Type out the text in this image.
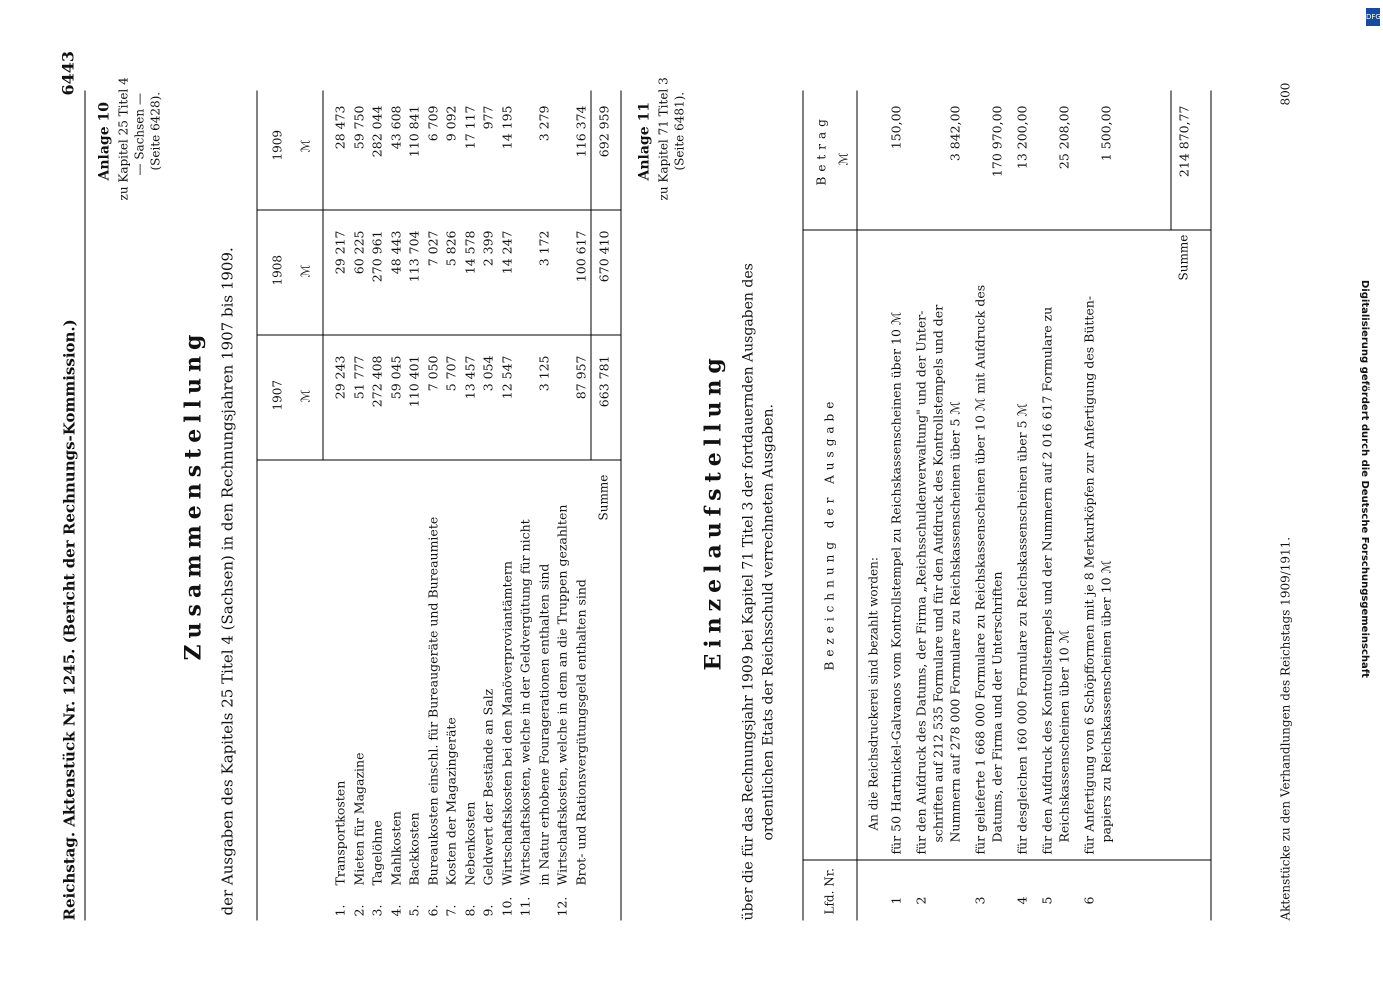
Reichstag. Aktenstück Nr. 1245. (Bericht der Rechnungs-Kommission.)
6443
Anlage 10 zu Kapitel 25 Titel 4 — Sachsen — (Seite 6428).
Zusammenstellung der Ausgaben des Kapitels 25 Titel 4 (Sachsen) in den Rechnungsjahren 1907 bis 1909.	1907
1908
1909
ℳ
ℳ
ℳ
1.
Transportkosten
29 243
29 217
28 473
2.
Mieten für Magazine
51 777
60 225
59 750
3.
Tagelöhne
272 408
270 961
282 044
4.
Mahlkosten
59 045
48 443
43 608
5.
Backkosten
110 401
113 704
110 841
6.
Bureaukosten einschl. für Bureaugeräte und Bureaumiete
7 050
7 027
6 709
7.
Kosten der Magazingeräte
5 707
5 826
9 092
8.
Nebenkosten
13 457
14 578
17 117
9.
Geldwert der Bestände an Salz
3 054
2 399
977
10.
Wirtschaftskosten bei den Manöverproviantämtern
12 547
14 247
14 195
11.
Wirtschaftskosten, welche in der Geldvergütung für nicht in Natur erhobene Fouragerationen enthalten sind
3 125
3 172
3 279
12.
Wirtschaftskosten, welche in dem an die Truppen gezahlten Brot- und Rationsvergütungsgeld enthalten sind
87 957
100 617
116 374
Summe
663 781
670 410
692 959 Anlage 11 zu Kapitel 71 Titel 3 (Seite 6481).
Einzelaufstellung über die für das Rechnungsjahr 1909 bei Kapitel 71 Titel 3 der fortdauernden Ausgaben des ordentlichen Etats der Reichsschuld verrechneten Ausgaben.
Lfd. Nr.
Bezeichnung der Ausgabe
Betrag ℳ
An die Reichsdruckerei sind bezahlt worden:
1
für 50 Hartnickel-Galvanos vom Kontrollstempel zu Reichskassenscheinen über 10 ℳ
150,00
2
für den Aufdruck des Datums, der Firma „Reichsschuldenverwaltung" und der Unter- schriften auf 212 535 Formulare und für den Aufdruck des Kontrollstempels und der Nummern auf 278 000 Formulare zu Reichskassenscheinen über 5 ℳ
3 842,00
3
für gelieferte 1 668 000 Formulare zu Reichskassenscheinen über 10 ℳ mit Aufdruck des Datums, der Firma und der Unterschriften
170 970,00
4
für desgleichen 160 000 Formulare zu Reichskassenscheinen über 5 ℳ
13 200,00
5
für den Aufdruck des Kontrollstempels und der Nummern auf 2 016 617 Formulare zu Reichskassenscheinen über 10 ℳ
25 208,00
6
für Anfertigung von 6 Schöpfformen mit je 8 Merkurköpfen zur Anfertigung des Bütten- papiers zu Reichskassenscheinen über 10 ℳ
1 500,00
Summe
214 870,77
Aktenstücke zu den Verhandlungen des Reichstags 1909/1911.
800
DFG
Digitalisierung gefördert durch die Deutsche Forschungsgemeinschaft
